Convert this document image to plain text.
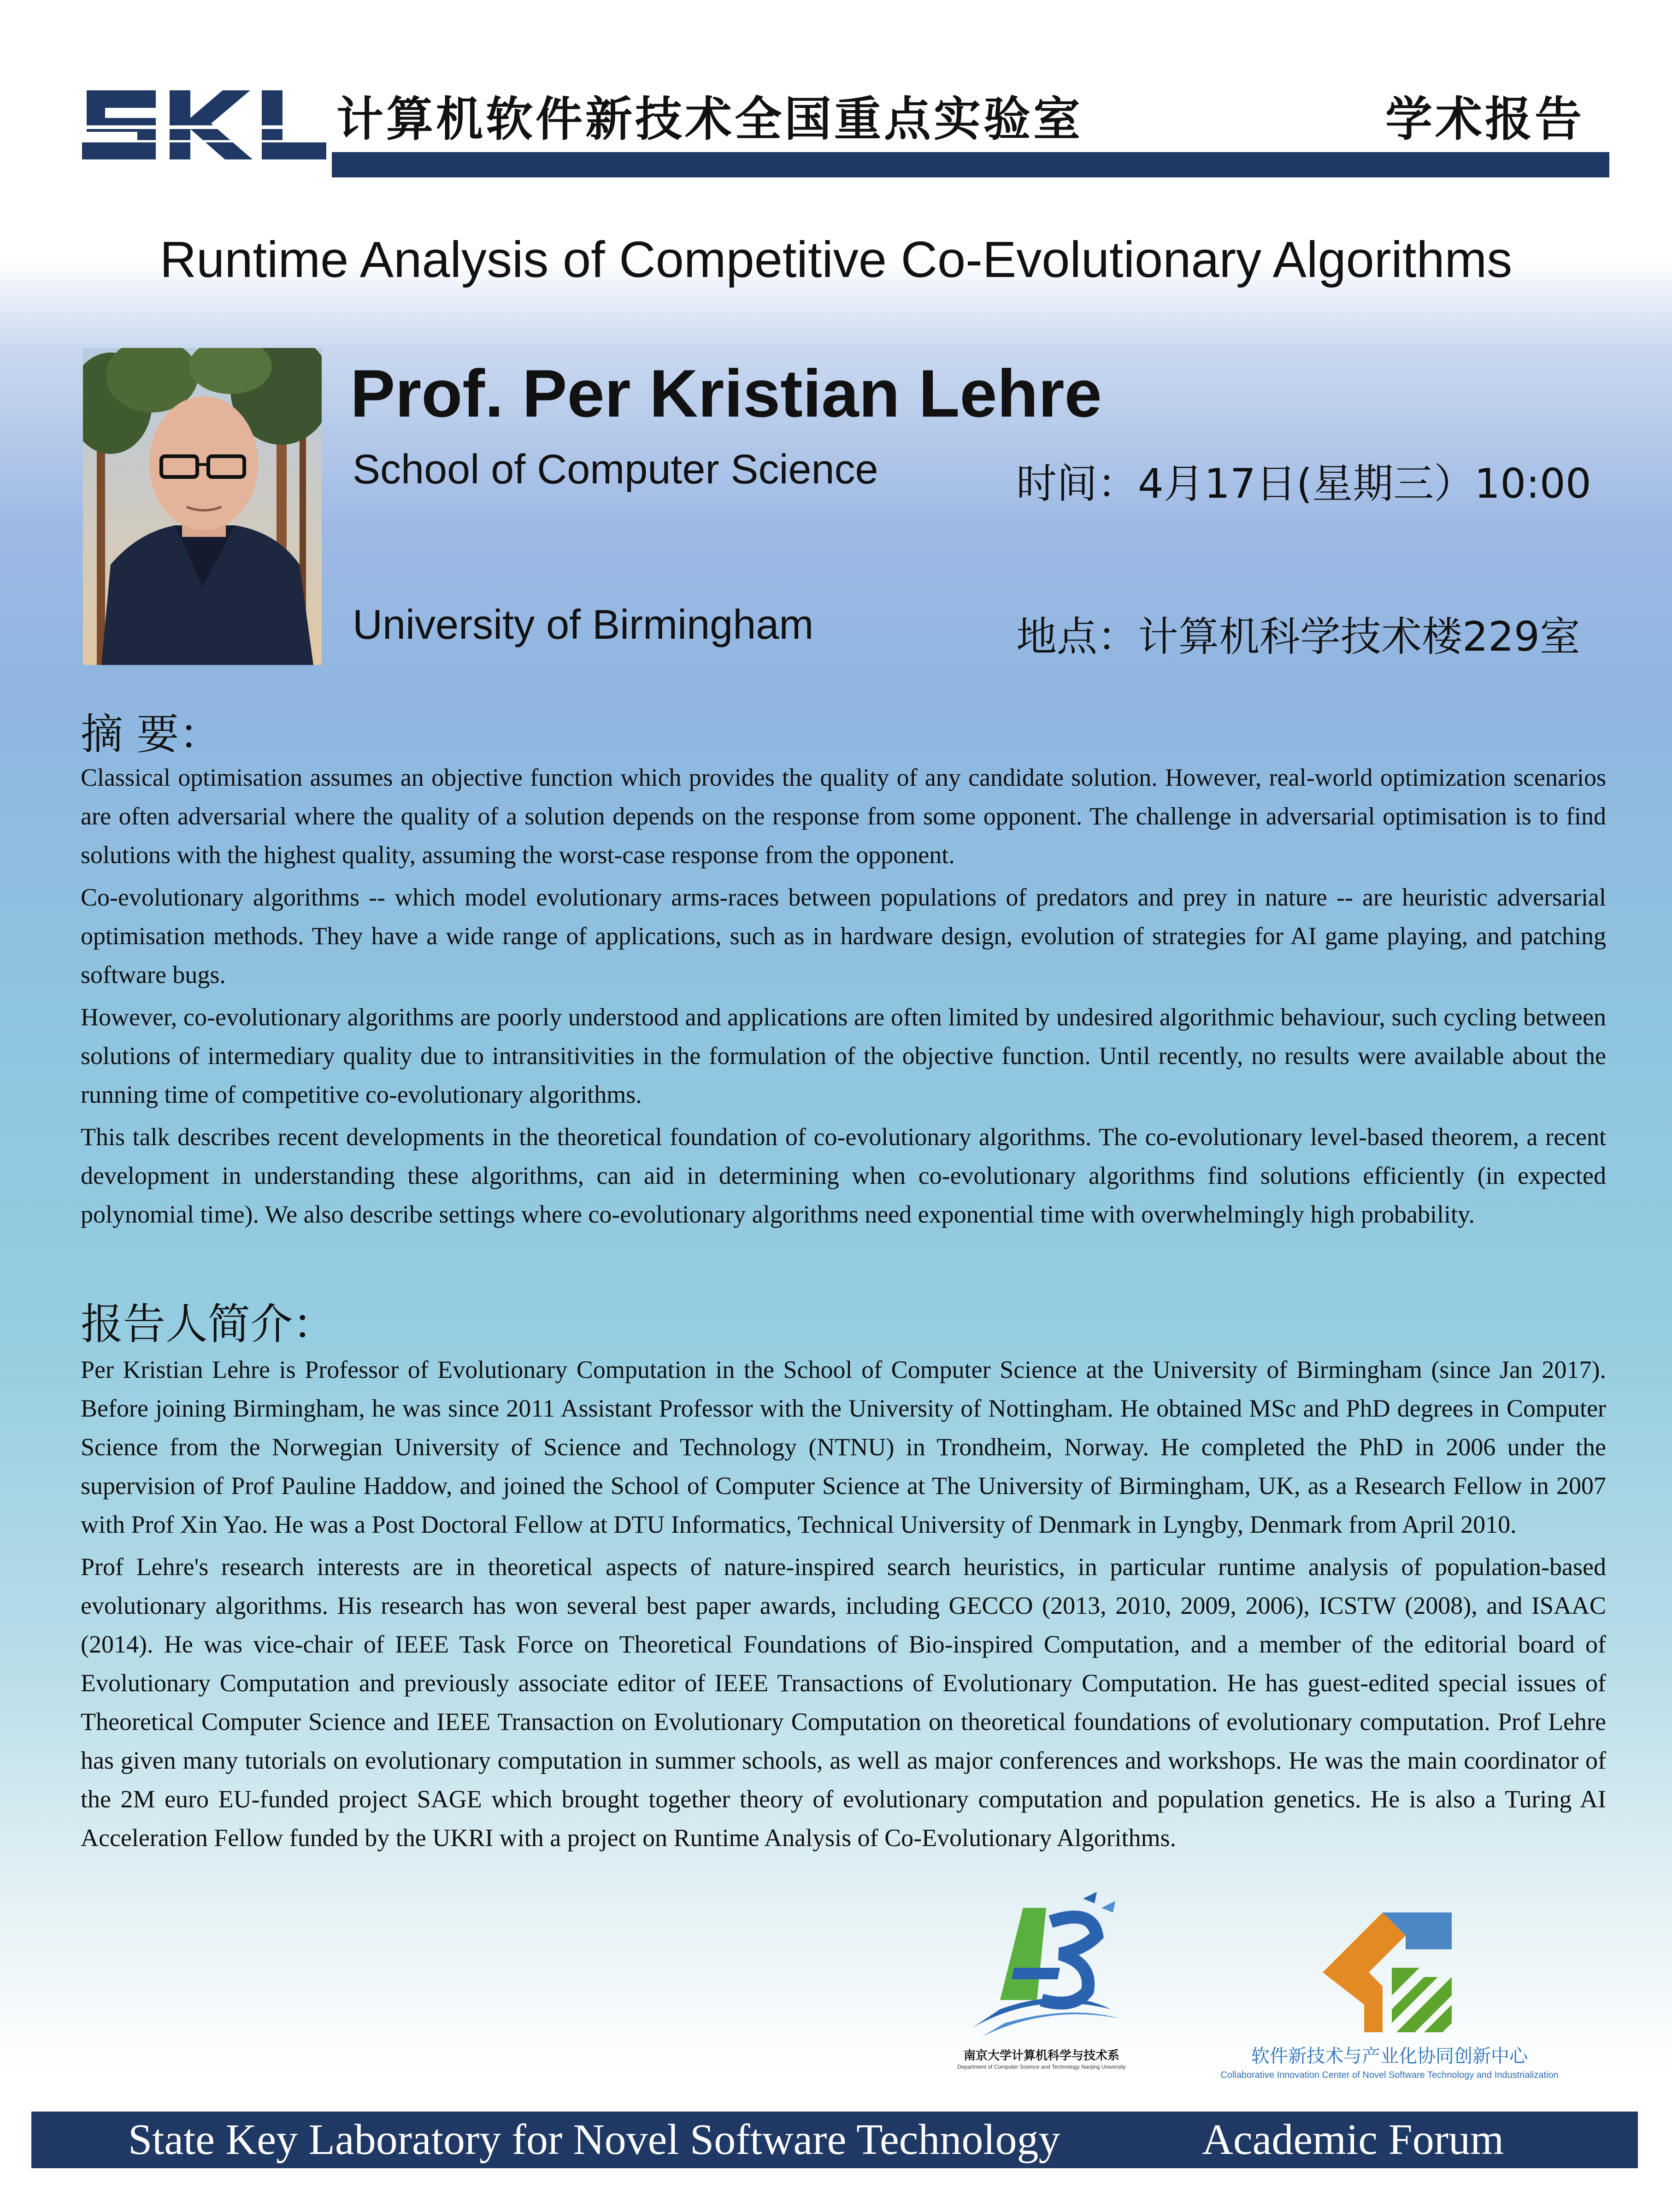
计算机软件新技术全国重点实验室	学术报告
Runtime Analysis of Competitive Co-Evolutionary Algorithms
Prof. Per Kristian Lehre
School of Computer Science
University of Birmingham
时间：4月17日(星期三）10:00
地点：计算机科学技术楼229室
摘 要：

Classical optimisation assumes an objective function which provides the quality of any candidate solution. However, real-world optimization scenarios are often adversarial where the quality of a solution depends on the response from some opponent. The challenge in adversarial optimisation is to find solutions with the highest quality, assuming the worst-case response from the opponent.

Co-evolutionary algorithms -- which model evolutionary arms-races between populations of predators and prey in nature -- are heuristic adversarial optimisation methods. They have a wide range of applications, such as in hardware design, evolution of strategies for AI game playing, and patching software bugs.

However, co-evolutionary algorithms are poorly understood and applications are often limited by undesired algorithmic behaviour, such cycling between solutions of intermediary quality due to intransitivities in the formulation of the objective function. Until recently, no results were available about the running time of competitive co-evolutionary algorithms.

This talk describes recent developments in the theoretical foundation of co-evolutionary algorithms. The co-evolutionary level-based theorem, a recent development in understanding these algorithms, can aid in determining when co-evolutionary algorithms find solutions efficiently (in expected polynomial time). We also describe settings where co-evolutionary algorithms need exponential time with overwhelmingly high probability.

报告人简介：

Per Kristian Lehre is Professor of Evolutionary Computation in the School of Computer Science at the University of Birmingham (since Jan 2017). Before joining Birmingham, he was since 2011 Assistant Professor with the University of Nottingham. He obtained MSc and PhD degrees in Computer Science from the Norwegian University of Science and Technology (NTNU) in Trondheim, Norway. He completed the PhD in 2006 under the supervision of Prof Pauline Haddow, and joined the School of Computer Science at The University of Birmingham, UK, as a Research Fellow in 2007 with Prof Xin Yao. He was a Post Doctoral Fellow at DTU Informatics, Technical University of Denmark in Lyngby, Denmark from April 2010.

Prof Lehre's research interests are in theoretical aspects of nature-inspired search heuristics, in particular runtime analysis of population-based evolutionary algorithms. His research has won several best paper awards, including GECCO (2013, 2010, 2009, 2006), ICSTW (2008), and ISAAC (2014). He was vice-chair of IEEE Task Force on Theoretical Foundations of Bio-inspired Computation, and a member of the editorial board of Evolutionary Computation and previously associate editor of IEEE Transactions of Evolutionary Computation. He has guest-edited special issues of Theoretical Computer Science and IEEE Transaction on Evolutionary Computation on theoretical foundations of evolutionary computation. Prof Lehre has given many tutorials on evolutionary computation in summer schools, as well as major conferences and workshops. He was the main coordinator of the 2M euro EU-funded project SAGE which brought together theory of evolutionary computation and population genetics. He is also a Turing AI Acceleration Fellow funded by the UKRI with a project on Runtime Analysis of Co-Evolutionary Algorithms.

南京大学计算机科学与技术系
Department of Computer Science and Technology Nanjing University	软件新技术与产业化协同创新中心
Collaborative Innovation Center of Novel Software Technology and Industrialization
State Key Laboratory for Novel Software Technology	Academic Forum
